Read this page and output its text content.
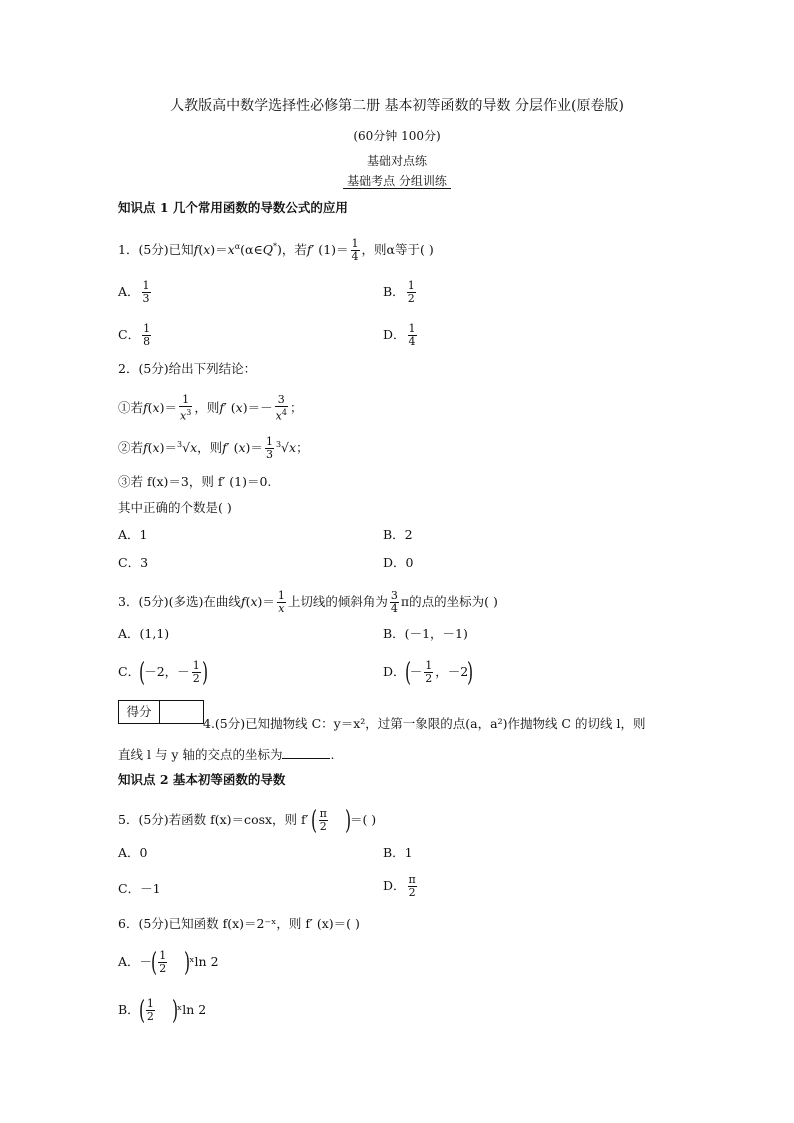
人教版高中数学选择性必修第二册 基本初等函数的导数 分层作业(原卷版)
(60分钟 100分)
基础对点练
基础考点 分组训练
知识点 1 几个常用函数的导数公式的应用
1．(5分)已知$f(x)=x^\alpha(\alpha\in Q^*)$，若f′ $(1)= \frac{1}{4}$ ，则α等于( )
A． $\frac{1}{3}$	B． $\frac{1}{2}$
C． $\frac{1}{8}$	D． $\frac{1}{4}$
2．(5分)给出下列结论：
①若$f(x)= \frac{1}{x^3}$ ，则f′ $(x)=- \frac{3}{x^4}$ ；
②若f(x)＝$^3$√x，则f′ $(x)= \frac{1}{3} ^3√x$；
③若 f(x)＝3，则 f′ (1)＝0.
其中正确的个数是( )
A．1	B．2
C．3	D．0
3．(5分)(多选)在曲线$f(x)= \frac{1}{x}$ 上切线的倾斜角为 $\frac{3}{4}$ π的点的坐标为( )
A．(1,1)	B．(－1，－1)
C．(－2，－ $\frac{1}{2}$ )	D．(－ $\frac{1}{2}$ ，－2)
得分
4.(5分)已知抛物线 C：y＝x²，过第一象限的点(a，a²)作抛物线 C 的切线 l，则
直线 l 与 y 轴的交点的坐标为	.
知识点 2 基本初等函数的导数
5．(5分)若函数 f(x)＝cosx，则 f′ ( $\frac{\pi}{2}$ )＝( )
A．0	B．1
C．－1	D． $\frac{\pi}{2}$
6．(5分)已知函数 f(x)＝2⁻ˣ，则 f′ (x)＝( )
A．－( $\frac{1}{2}$ )ˣln 2
B．( $\frac{1}{2}$ )ˣln 2
